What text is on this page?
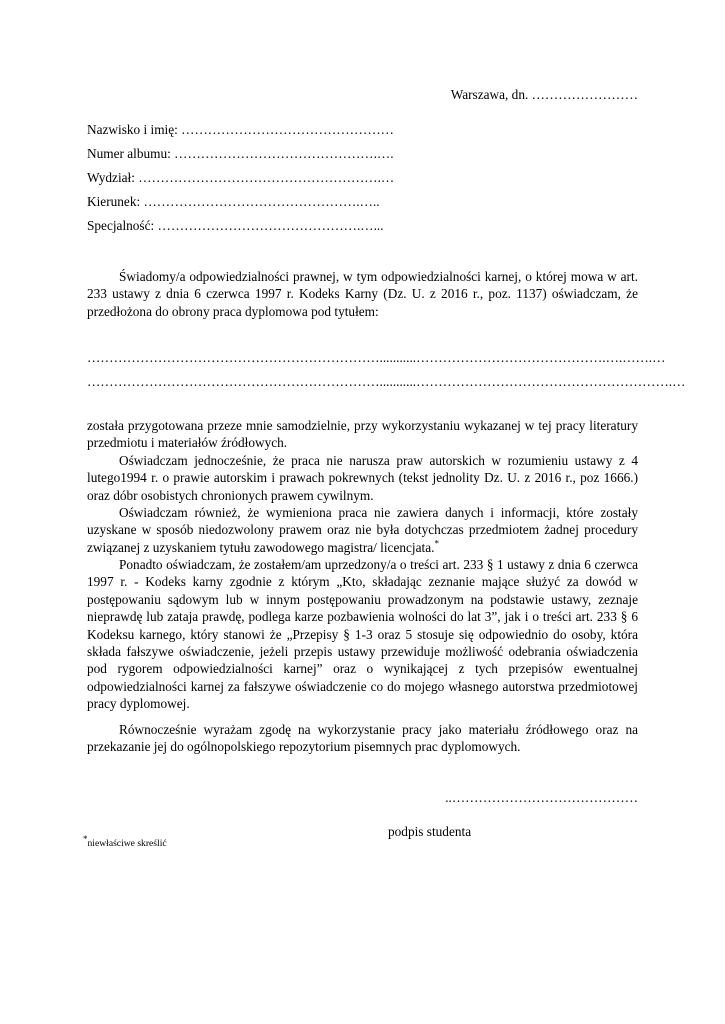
Warszawa, dn. ……………………
Nazwisko i imię: …………………………………………
Numer albumu: ……………………………………….….
Wydział: ……………………………………………….…
Kierunek: ………………………………………….…..
Specjalność: ……………………………………….…...
Świadomy/a odpowiedzialności prawnej, w tym odpowiedzialności karnej, o której mowa w art. 233 ustawy z dnia 6 czerwca 1997 r. Kodeks Karny (Dz. U. z 2016 r., poz. 1137) oświadczam, że przedłożona do obrony praca dyplomowa pod tytułem:
…………………………………………………………...........…………………………………….….…….…
…………………………………………………………...........………………………………………………….…
została przygotowana przeze mnie samodzielnie, przy wykorzystaniu wykazanej w tej pracy literatury przedmiotu i materiałów źródłowych.
Oświadczam jednocześnie, że praca nie narusza praw autorskich w rozumieniu ustawy z 4 lutego1994 r. o prawie autorskim i prawach pokrewnych (tekst jednolity Dz. U. z 2016 r., poz 1666.) oraz dóbr osobistych chronionych prawem cywilnym.
Oświadczam również, że wymieniona praca nie zawiera danych i informacji, które zostały uzyskane w sposób niedozwolony prawem oraz nie była dotychczas przedmiotem żadnej procedury związanej z uzyskaniem tytułu zawodowego magistra/ licencjata.*
Ponadto oświadczam, że zostałem/am uprzedzony/a o treści art. 233 § 1 ustawy z dnia 6 czerwca 1997 r. - Kodeks karny zgodnie z którym „Kto, składając zeznanie mające służyć za dowód w postępowaniu sądowym lub w innym postępowaniu prowadzonym na podstawie ustawy, zeznaje nieprawdę lub zataja prawdę, podlega karze pozbawienia wolności do lat 3”, jak i o treści art. 233 § 6 Kodeksu karnego, który stanowi że „Przepisy § 1-3 oraz 5 stosuje się odpowiednio do osoby, która składa fałszywe oświadczenie, jeżeli przepis ustawy przewiduje możliwość odebrania oświadczenia pod rygorem odpowiedzialności karnej” oraz o wynikającej z tych przepisów ewentualnej odpowiedzialności karnej za fałszywe oświadczenie co do mojego własnego autorstwa przedmiotowej pracy dyplomowej.
Równocześnie wyrażam zgodę na wykorzystanie pracy jako materiału źródłowego oraz na przekazanie jej do ogólnopolskiego repozytorium pisemnych prac dyplomowych.
..……………………………………
podpis studenta
*niewłaściwe skreślić
